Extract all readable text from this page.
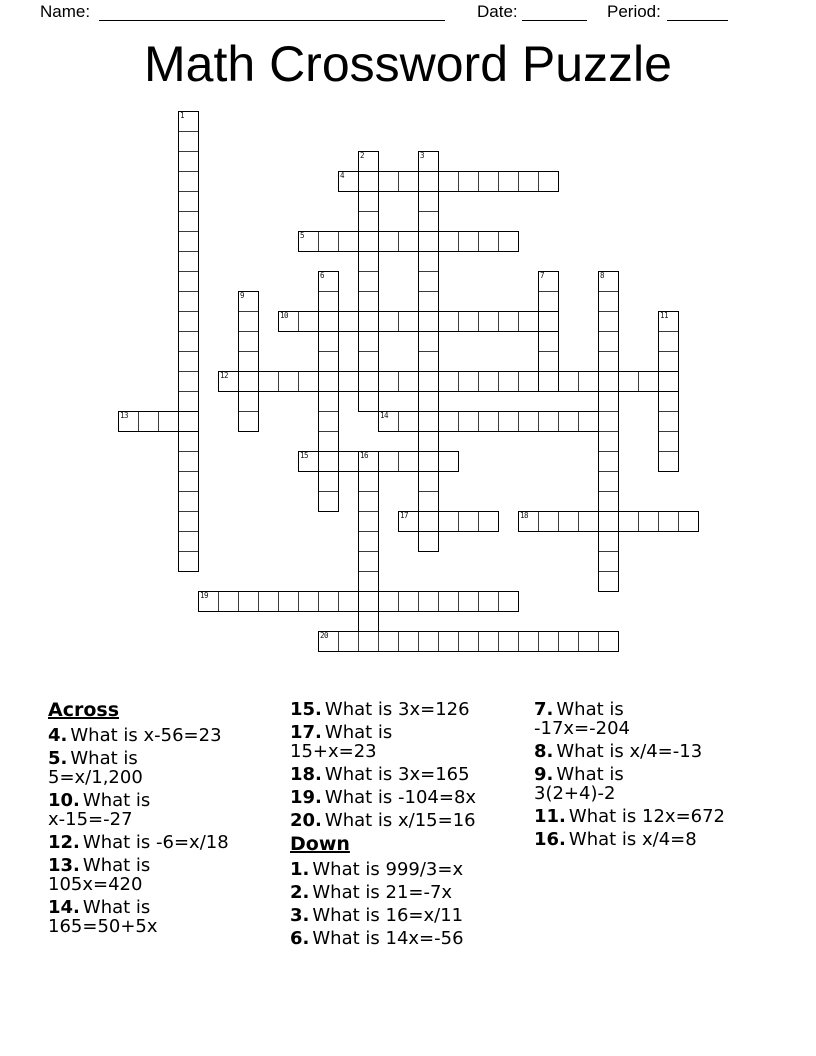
Name:	Date:	Period:
Math Crossword Puzzle
1
2	3
4
5
6	7	8
9
10	11
12
13	14
15	16
17	18
19
20
Across
4. What is x-56=23
5. What is
5=x/1,200
10. What is
x-15=-27
12. What is -6=x/18
13. What is
105x=420
14. What is
165=50+5x
15. What is 3x=126
17. What is
15+x=23
18. What is 3x=165
19. What is -104=8x
20. What is x/15=16
Down
1. What is 999/3=x
2. What is 21=-7x
3. What is 16=x/11
6. What is 14x=-56
7. What is
-17x=-204
8. What is x/4=-13
9. What is
3(2+4)-2
11. What is 12x=672
16. What is x/4=8
